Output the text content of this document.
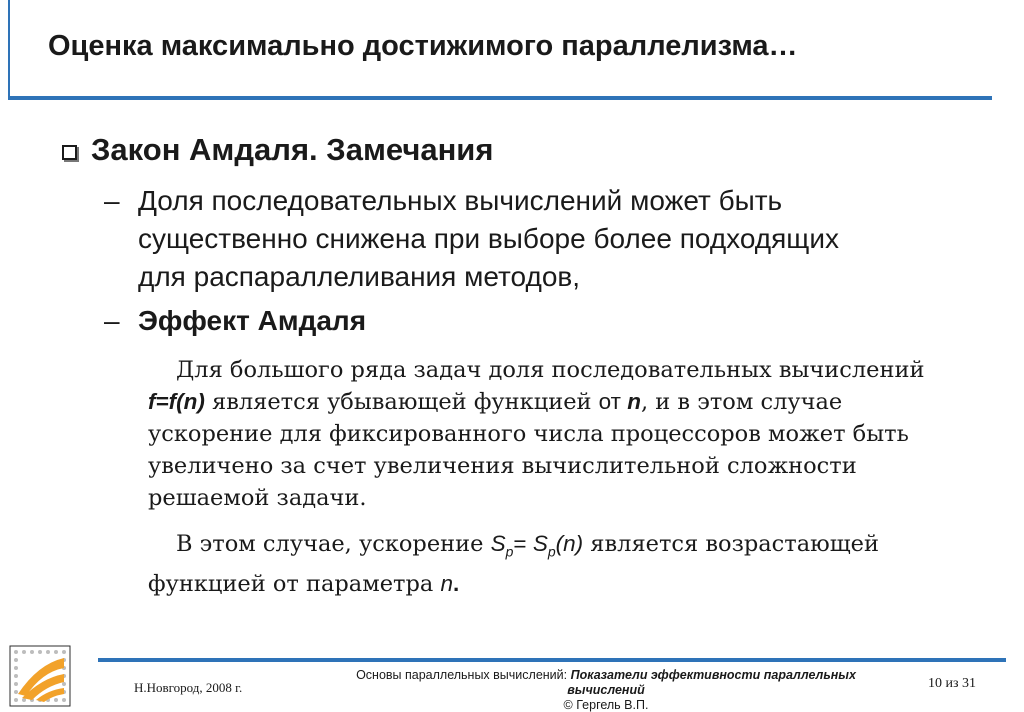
Оценка максимально достижимого параллелизма…
Закон Амдаля. Замечания
– Доля последовательных вычислений может быть
существенно снижена при выборе более подходящих
для распараллеливания методов,
– Эффект Амдаля
Для большого ряда задач доля последовательных вычислений
f=f(n) является убывающей функцией от n, и в этом случае
ускорение для фиксированного числа процессоров может быть
увеличено за счет увеличения вычислительной сложности
решаемой задачи.
В этом случае, ускорение $S_p= S_p(n)$ является возрастающей
функцией от параметра n.
Н.Новгород, 2008 г.
Основы параллельных вычислений: Показатели эффективности параллельных вычислений
© Гергель В.П.
10 из 31
